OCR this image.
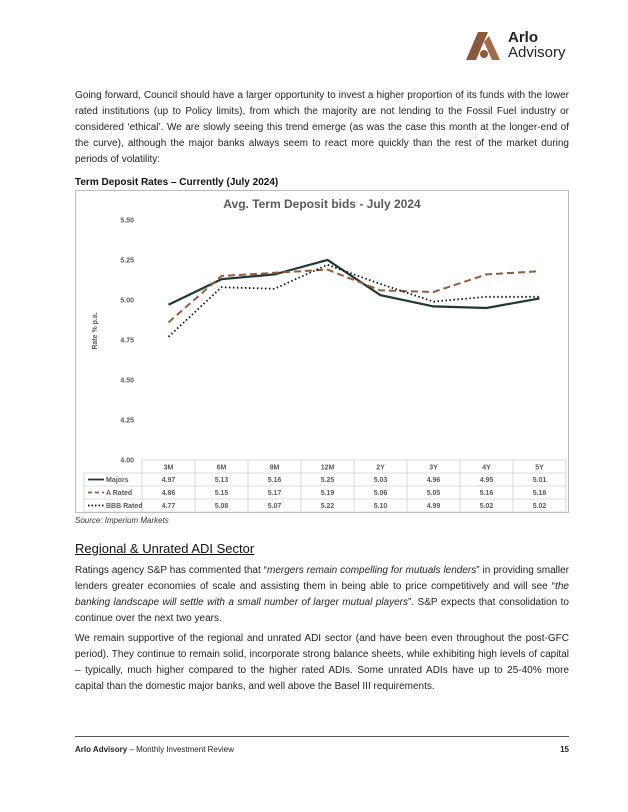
Arlo
Advisory

Going forward, Council should have a larger opportunity to invest a higher proportion of its funds with the lower rated institutions (up to Policy limits), from which the majority are not lending to the Fossil Fuel industry or considered ‘ethical’. We are slowly seeing this trend emerge (as was the case this month at the longer-end of the curve), although the major banks always seem to react more quickly than the rest of the market during periods of volatility:

Term Deposit Rates – Currently (July 2024)
Avg. Term Deposit bids - July 2024
Rate % p.a.
5.50
5.25
5.00
4.75
4.50
4.25
4.00
3M	6M	9M	12M	2Y	3Y	4Y	5Y
Majors	4.97	5.13	5.16	5.25	5.03	4.96	4.95	5.01
A Rated	4.86	5.15	5.17	5.19	5.06	5.05	5.16	5.18
BBB Rated	4.77	5.08	5.07	5.22	5.10	4.99	5.02	5.02
Source: Imperium Markets
Regional & Unrated ADI Sector

Ratings agency S&P has commented that “mergers remain compelling for mutuals lenders” in providing smaller lenders greater economies of scale and assisting them in being able to price competitively and will see “the banking landscape will settle with a small number of larger mutual players”. S&P expects that consolidation to continue over the next two years.

We remain supportive of the regional and unrated ADI sector (and have been even throughout the post-GFC period). They continue to remain solid, incorporate strong balance sheets, while exhibiting high levels of capital – typically, much higher compared to the higher rated ADIs. Some unrated ADIs have up to 25-40% more capital than the domestic major banks, and well above the Basel III requirements.

Arlo Advisory – Monthly Investment Review	15
